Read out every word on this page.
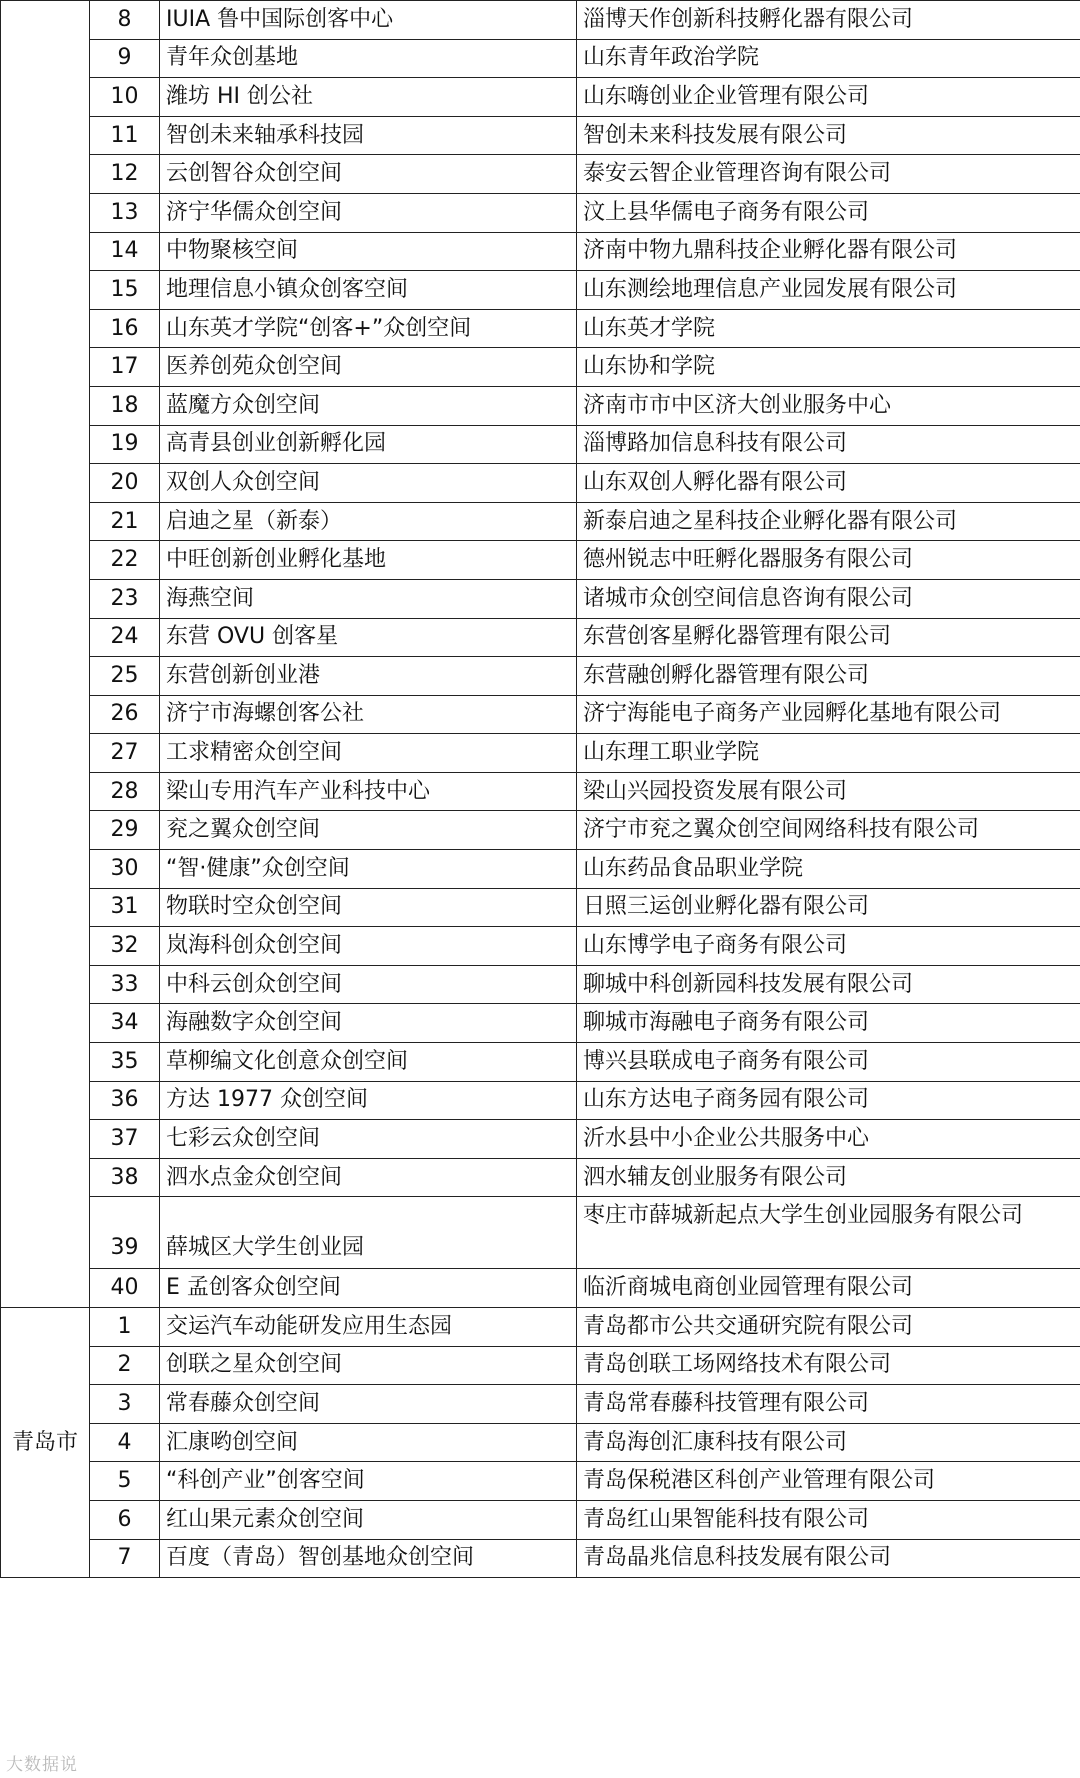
	8	IUIA 鲁中国际创客中心	淄博天作创新科技孵化器有限公司
	9	青年众创基地	山东青年政治学院
	10	潍坊 HI 创公社	山东嗨创业企业管理有限公司
	11	智创未来轴承科技园	智创未来科技发展有限公司
	12	云创智谷众创空间	泰安云智企业管理咨询有限公司
	13	济宁华儒众创空间	汶上县华儒电子商务有限公司
	14	中物聚核空间	济南中物九鼎科技企业孵化器有限公司
	15	地理信息小镇众创客空间	山东测绘地理信息产业园发展有限公司
	16	山东英才学院“创客+”众创空间	山东英才学院
	17	医养创苑众创空间	山东协和学院
	18	蓝魔方众创空间	济南市市中区济大创业服务中心
	19	高青县创业创新孵化园	淄博路加信息科技有限公司
	20	双创人众创空间	山东双创人孵化器有限公司
	21	启迪之星（新泰）	新泰启迪之星科技企业孵化器有限公司
	22	中旺创新创业孵化基地	德州锐志中旺孵化器服务有限公司
	23	海燕空间	诸城市众创空间信息咨询有限公司
	24	东营 OVU 创客星	东营创客星孵化器管理有限公司
	25	东营创新创业港	东营融创孵化器管理有限公司
	26	济宁市海螺创客公社	济宁海能电子商务产业园孵化基地有限公司
	27	工求精密众创空间	山东理工职业学院
	28	梁山专用汽车产业科技中心	梁山兴园投资发展有限公司
	29	兖之翼众创空间	济宁市兖之翼众创空间网络科技有限公司
	30	“智·健康”众创空间	山东药品食品职业学院
	31	物联时空众创空间	日照三运创业孵化器有限公司
	32	岚海科创众创空间	山东博学电子商务有限公司
	33	中科云创众创空间	聊城中科创新园科技发展有限公司
	34	海融数字众创空间	聊城市海融电子商务有限公司
	35	草柳编文化创意众创空间	博兴县联成电子商务有限公司
	36	方达 1977 众创空间	山东方达电子商务园有限公司
	37	七彩云众创空间	沂水县中小企业公共服务中心
	38	泗水点金众创空间	泗水辅友创业服务有限公司
	39	薛城区大学生创业园	枣庄市薛城新起点大学生创业园服务有限公司
	40	E 孟创客众创空间	临沂商城电商创业园管理有限公司
青岛市	1	交运汽车动能研发应用生态园	青岛都市公共交通研究院有限公司
	2	创联之星众创空间	青岛创联工场网络技术有限公司
	3	常春藤众创空间	青岛常春藤科技管理有限公司
	4	汇康哟创空间	青岛海创汇康科技有限公司
	5	“科创产业”创客空间	青岛保税港区科创产业管理有限公司
	6	红山果元素众创空间	青岛红山果智能科技有限公司
	7	百度（青岛）智创基地众创空间	青岛晶兆信息科技发展有限公司
大数据说
